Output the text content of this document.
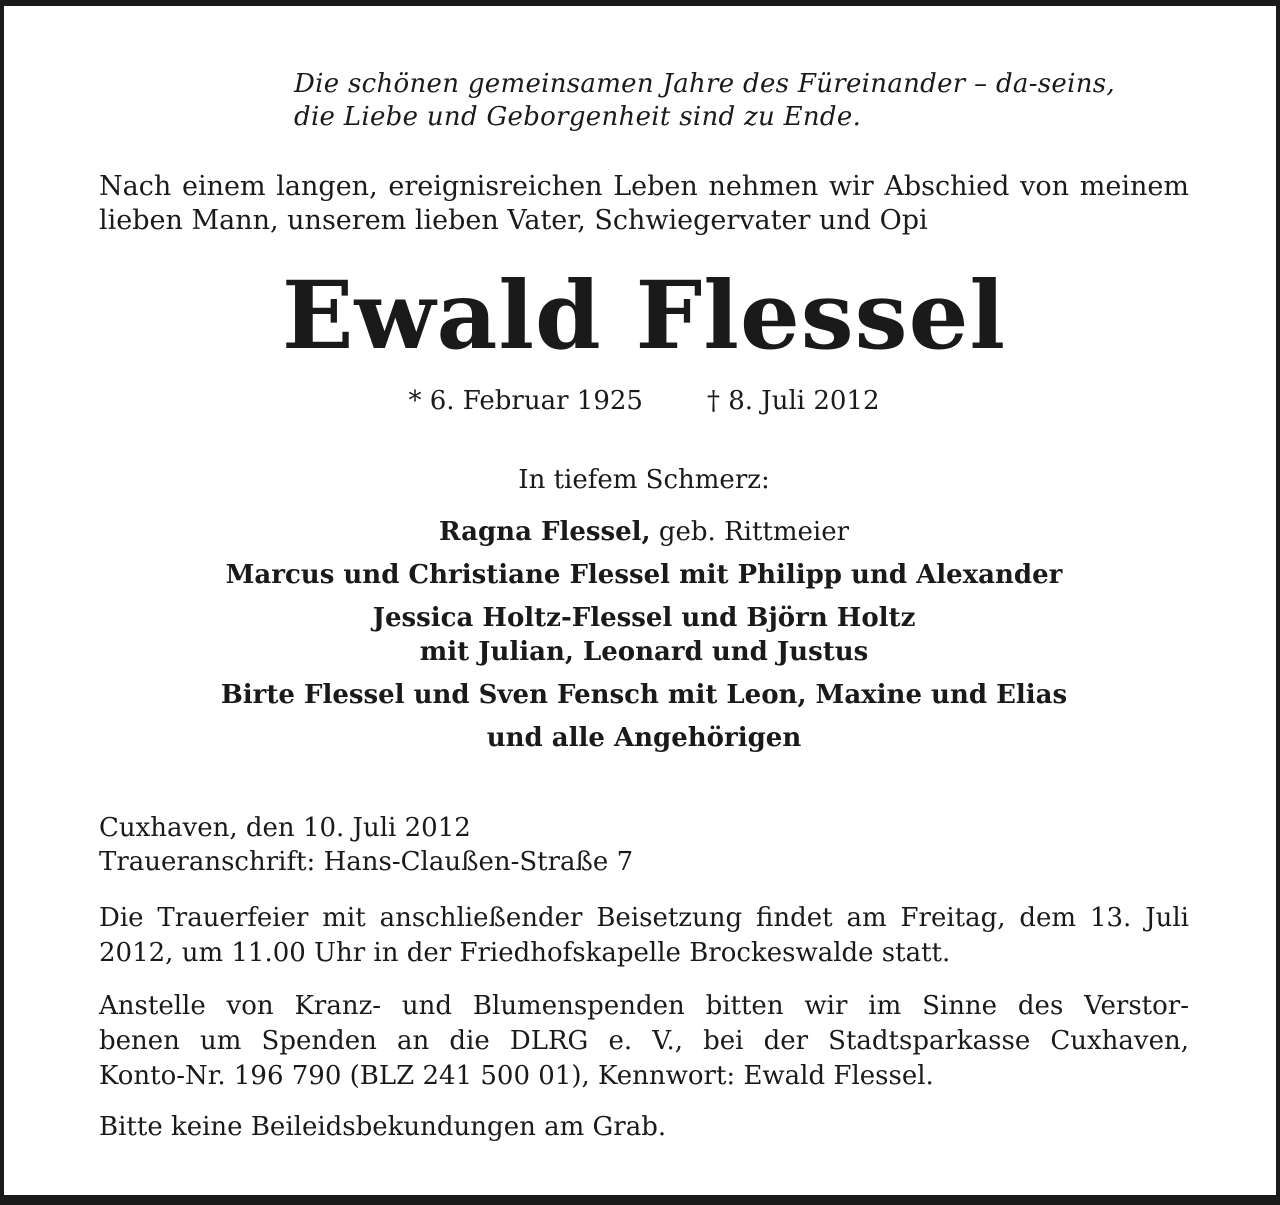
Die schönen gemeinsamen Jahre des Füreinander – da-seins,
die Liebe und Geborgenheit sind zu Ende.

Nach einem langen, ereignisreichen Leben nehmen wir Abschied von meinem lieben Mann, unserem lieben Vater, Schwiegervater und Opi

Ewald Flessel
* 6. Februar 1925 † 8. Juli 2012
In tiefem Schmerz:
Ragna Flessel, geb. Rittmeier
Marcus und Christiane Flessel mit Philipp und Alexander
Jessica Holtz-Flessel und Björn Holtz
mit Julian, Leonard und Justus
Birte Flessel und Sven Fensch mit Leon, Maxine und Elias
und alle Angehörigen
Cuxhaven, den 10. Juli 2012
Traueranschrift: Hans-Claußen-Straße 7

Die Trauerfeier mit anschließender Beisetzung findet am Freitag, dem 13. Juli 2012, um 11.00 Uhr in der Friedhofskapelle Brockeswalde statt.

Anstelle von Kranz- und Blumenspenden bitten wir im Sinne des Verstor-
benen um Spenden an die DLRG e. V., bei der Stadtsparkasse Cuxhaven,
Konto-Nr. 196 790 (BLZ 241 500 01), Kennwort: Ewald Flessel.

Bitte keine Beileidsbekundungen am Grab.
